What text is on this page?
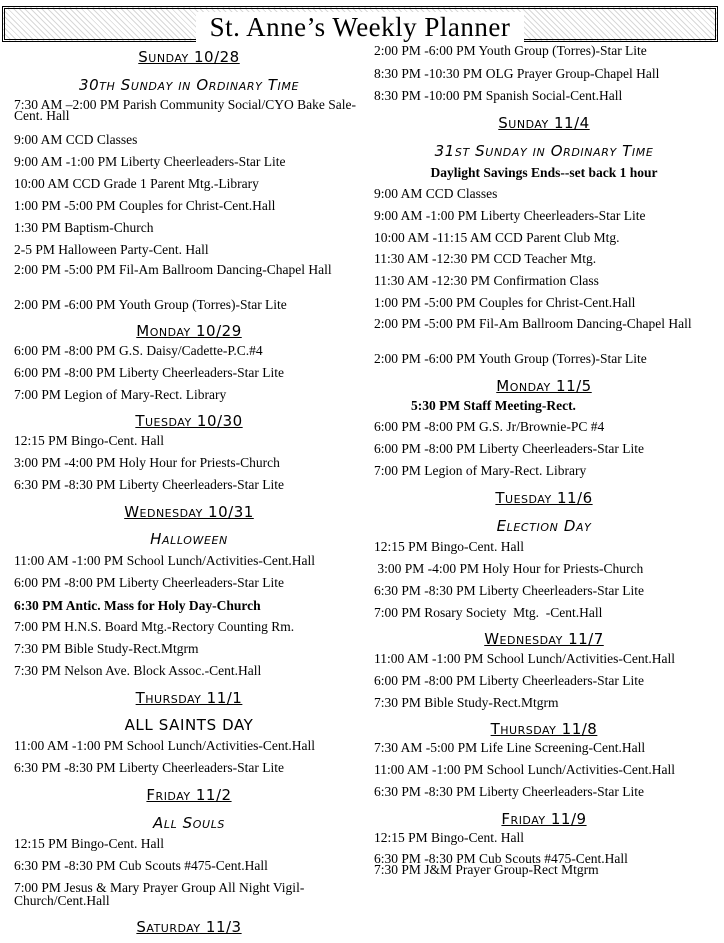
St. Anne’s Weekly Planner
Sunday 10/28
30th Sunday in Ordinary Time
7:30 AM –2:00 PM Parish Community Social/CYO Bake Sale- Cent. Hall
9:00 AM CCD Classes
9:00 AM -1:00 PM Liberty Cheerleaders-Star Lite
10:00 AM CCD Grade 1 Parent Mtg.-Library
1:00 PM -5:00 PM Couples for Christ-Cent.Hall
1:30 PM Baptism-Church
2-5 PM Halloween Party-Cent. Hall
2:00 PM -5:00 PM Fil-Am Ballroom Dancing-Chapel Hall
2:00 PM -6:00 PM Youth Group (Torres)-Star Lite
Monday 10/29
6:00 PM -8:00 PM G.S. Daisy/Cadette-P.C.#4
6:00 PM -8:00 PM Liberty Cheerleaders-Star Lite
7:00 PM Legion of Mary-Rect. Library
Tuesday 10/30
12:15 PM Bingo-Cent. Hall
3:00 PM -4:00 PM Holy Hour for Priests-Church
6:30 PM -8:30 PM Liberty Cheerleaders-Star Lite
Wednesday 10/31
Halloween
11:00 AM -1:00 PM School Lunch/Activities-Cent.Hall
6:00 PM -8:00 PM Liberty Cheerleaders-Star Lite
6:30 PM Antic. Mass for Holy Day-Church
7:00 PM H.N.S. Board Mtg.-Rectory Counting Rm.
7:30 PM Bible Study-Rect.Mtgrm
7:30 PM Nelson Ave. Block Assoc.-Cent.Hall
Thursday 11/1
ALL SAINTS DAY
11:00 AM -1:00 PM School Lunch/Activities-Cent.Hall
6:30 PM -8:30 PM Liberty Cheerleaders-Star Lite
Friday 11/2
All Souls
12:15 PM Bingo-Cent. Hall
6:30 PM -8:30 PM Cub Scouts #475-Cent.Hall
7:00 PM Jesus & Mary Prayer Group All Night Vigil-Church/Cent.Hall
Saturday 11/3
2:00 PM -6:00 PM Youth Group (Torres)-Star Lite
8:30 PM -10:30 PM OLG Prayer Group-Chapel Hall
8:30 PM -10:00 PM Spanish Social-Cent.Hall
Sunday 11/4
31st Sunday in Ordinary Time
Daylight Savings Ends--set back 1 hour
9:00 AM CCD Classes
9:00 AM -1:00 PM Liberty Cheerleaders-Star Lite
10:00 AM -11:15 AM CCD Parent Club Mtg.
11:30 AM -12:30 PM CCD Teacher Mtg.
11:30 AM -12:30 PM Confirmation Class
1:00 PM -5:00 PM Couples for Christ-Cent.Hall
2:00 PM -5:00 PM Fil-Am Ballroom Dancing-Chapel Hall
2:00 PM -6:00 PM Youth Group (Torres)-Star Lite
Monday 11/5
5:30 PM Staff Meeting-Rect.
6:00 PM -8:00 PM G.S. Jr/Brownie-PC #4
6:00 PM -8:00 PM Liberty Cheerleaders-Star Lite
7:00 PM Legion of Mary-Rect. Library
Tuesday 11/6
Election Day
12:15 PM Bingo-Cent. Hall
3:00 PM -4:00 PM Holy Hour for Priests-Church
6:30 PM -8:30 PM Liberty Cheerleaders-Star Lite
7:00 PM Rosary Society  Mtg.  -Cent.Hall
Wednesday 11/7
11:00 AM -1:00 PM School Lunch/Activities-Cent.Hall
6:00 PM -8:00 PM Liberty Cheerleaders-Star Lite
7:30 PM Bible Study-Rect.Mtgrm
Thursday 11/8
7:30 AM -5:00 PM Life Line Screening-Cent.Hall
11:00 AM -1:00 PM School Lunch/Activities-Cent.Hall
6:30 PM -8:30 PM Liberty Cheerleaders-Star Lite
Friday 11/9
12:15 PM Bingo-Cent. Hall
6:30 PM -8:30 PM Cub Scouts #475-Cent.Hall
7:30 PM J&M Prayer Group-Rect Mtgrm
